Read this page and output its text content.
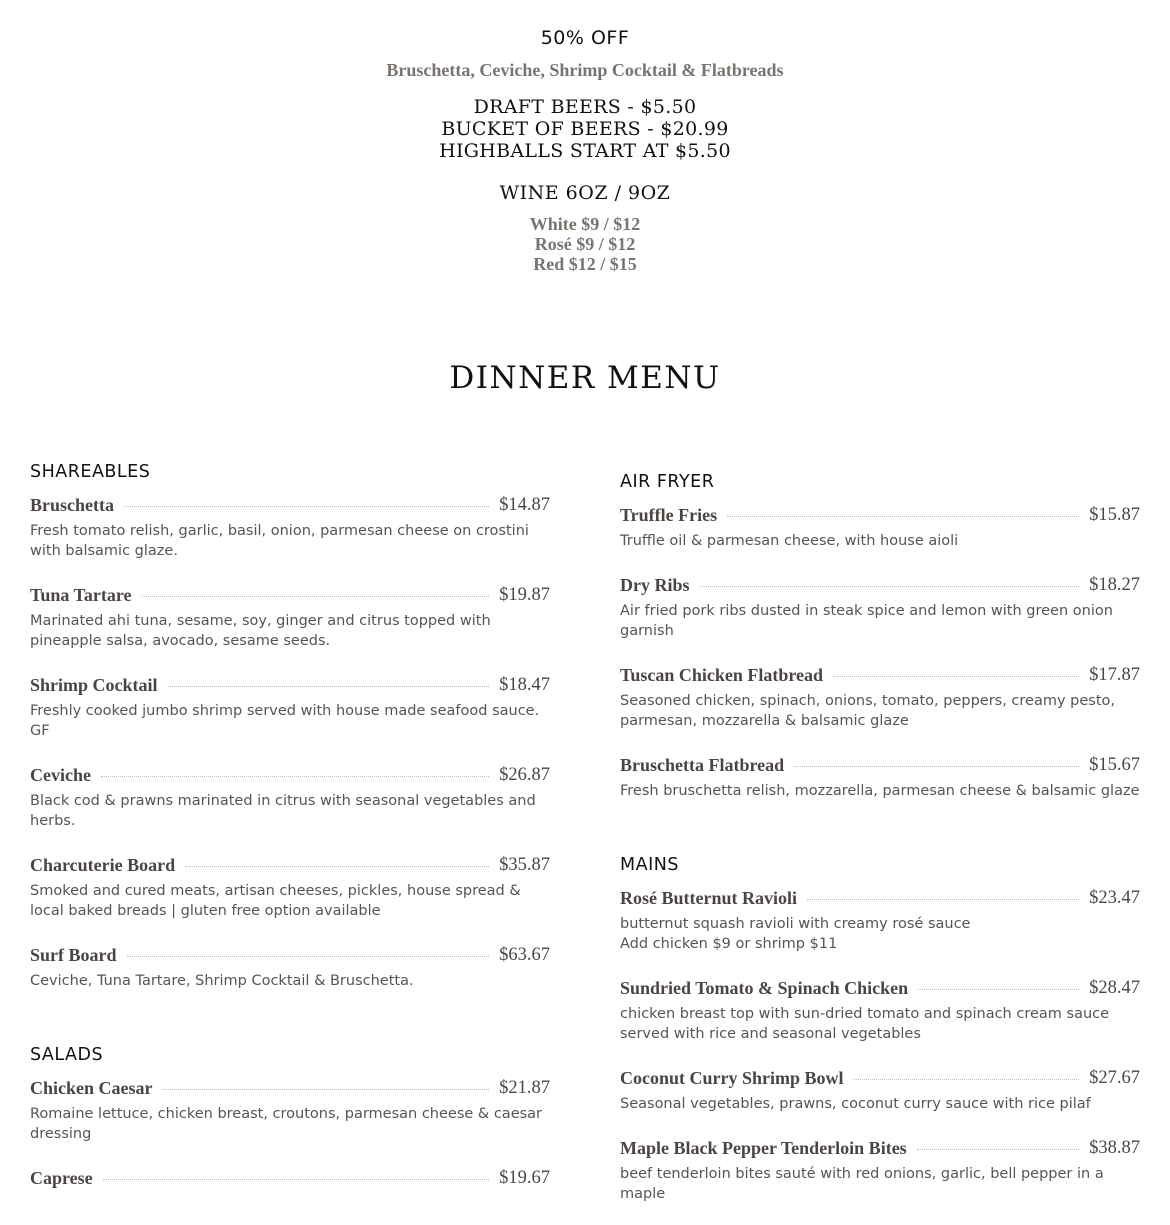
50% OFF
Bruschetta, Ceviche, Shrimp Cocktail & Flatbreads
DRAFT BEERS - $5.50
BUCKET OF BEERS - $20.99
HIGHBALLS START AT $5.50
WINE 6OZ / 9OZ
White $9 / $12
Rosé $9 / $12
Red $12 / $15
DINNER MENU
SHAREABLES
Bruschetta	$14.87
Fresh tomato relish, garlic, basil, onion, parmesan cheese on crostini with balsamic glaze.
Tuna Tartare	$19.87
Marinated ahi tuna, sesame, soy, ginger and citrus topped with pineapple salsa, avocado, sesame seeds.
Shrimp Cocktail	$18.47
Freshly cooked jumbo shrimp served with house made seafood sauce. GF
Ceviche	$26.87
Black cod & prawns marinated in citrus with seasonal vegetables and herbs.
Charcuterie Board	$35.87
Smoked and cured meats, artisan cheeses, pickles, house spread & local baked breads | gluten free option available
Surf Board	$63.67
Ceviche, Tuna Tartare, Shrimp Cocktail & Bruschetta.
SALADS
Chicken Caesar	$21.87
Romaine lettuce, chicken breast, croutons, parmesan cheese & caesar dressing
Caprese	$19.67
AIR FRYER
Truffle Fries	$15.87
Truffle oil & parmesan cheese, with house aioli
Dry Ribs	$18.27
Air fried pork ribs dusted in steak spice and lemon with green onion garnish
Tuscan Chicken Flatbread	$17.87
Seasoned chicken, spinach, onions, tomato, peppers, creamy pesto, parmesan, mozzarella & balsamic glaze
Bruschetta Flatbread	$15.67
Fresh bruschetta relish, mozzarella, parmesan cheese & balsamic glaze
MAINS
Rosé Butternut Ravioli	$23.47
butternut squash ravioli with creamy rosé sauce
Add chicken $9 or shrimp $11
Sundried Tomato & Spinach Chicken	$28.47
chicken breast top with sun-dried tomato and spinach cream sauce served with rice and seasonal vegetables
Coconut Curry Shrimp Bowl	$27.67
Seasonal vegetables, prawns, coconut curry sauce with rice pilaf
Maple Black Pepper Tenderloin Bites	$38.87
beef tenderloin bites sauté with red onions, garlic, bell pepper in a maple
